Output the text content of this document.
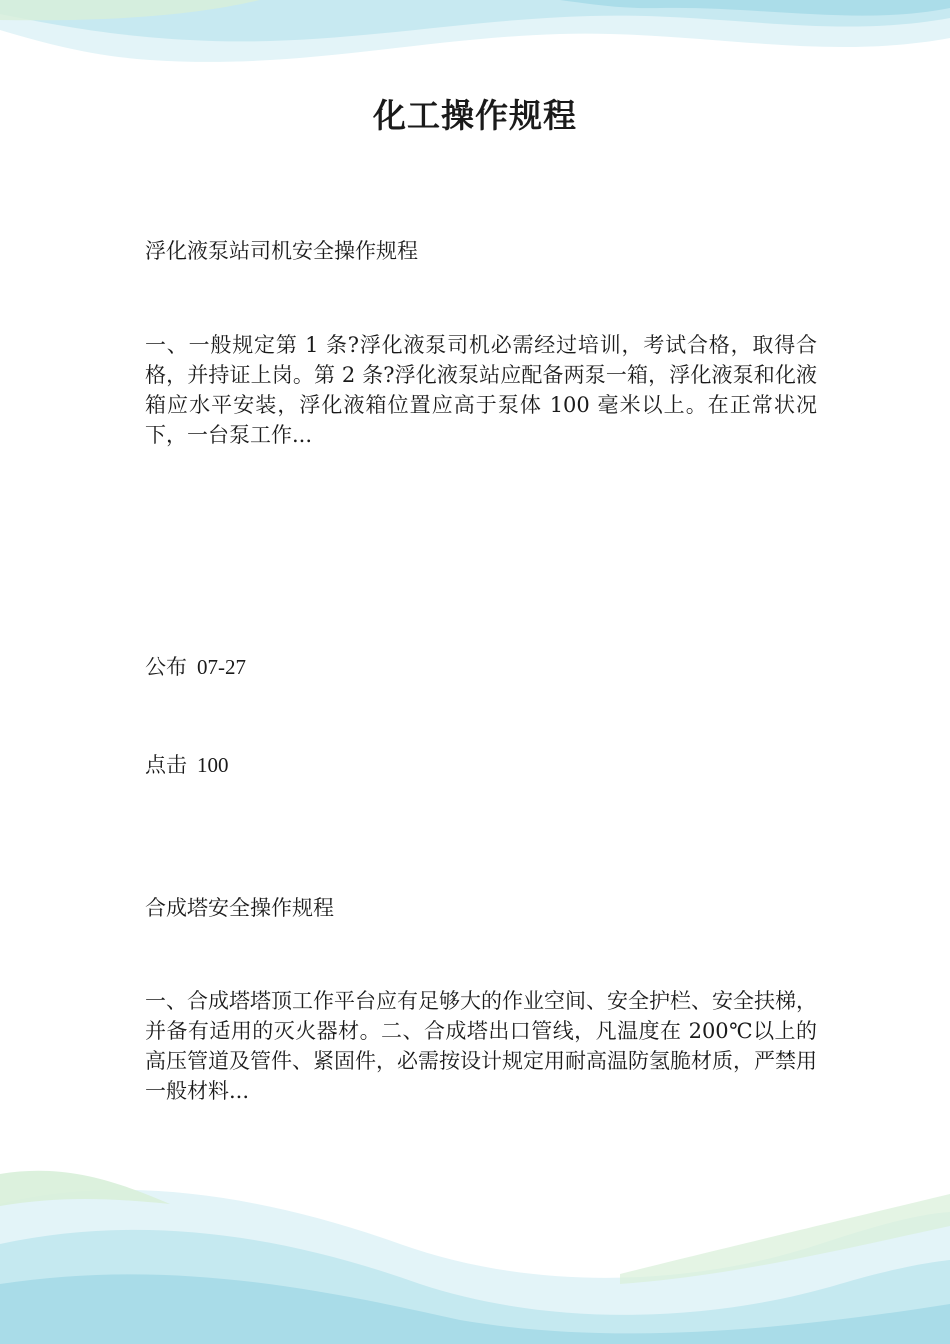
化工操作规程
浮化液泵站司机安全操作规程
一、一般规定第 1 条?浮化液泵司机必需经过培训，考试合格，取得合格，并持证上岗。第 2 条?浮化液泵站应配备两泵一箱，浮化液泵和化液箱应水平安装，浮化液箱位置应高于泵体 100 毫米以上。在正常状况下，一台泵工作...
公布 07-27
点击 100
合成塔安全操作规程
一、合成塔塔顶工作平台应有足够大的作业空间、安全护栏、安全扶梯，并备有适用的灭火器材。二、合成塔出口管线，凡温度在 200℃以上的高压管道及管件、紧固件，必需按设计规定用耐高温防氢脆材质，严禁用一般材料...
